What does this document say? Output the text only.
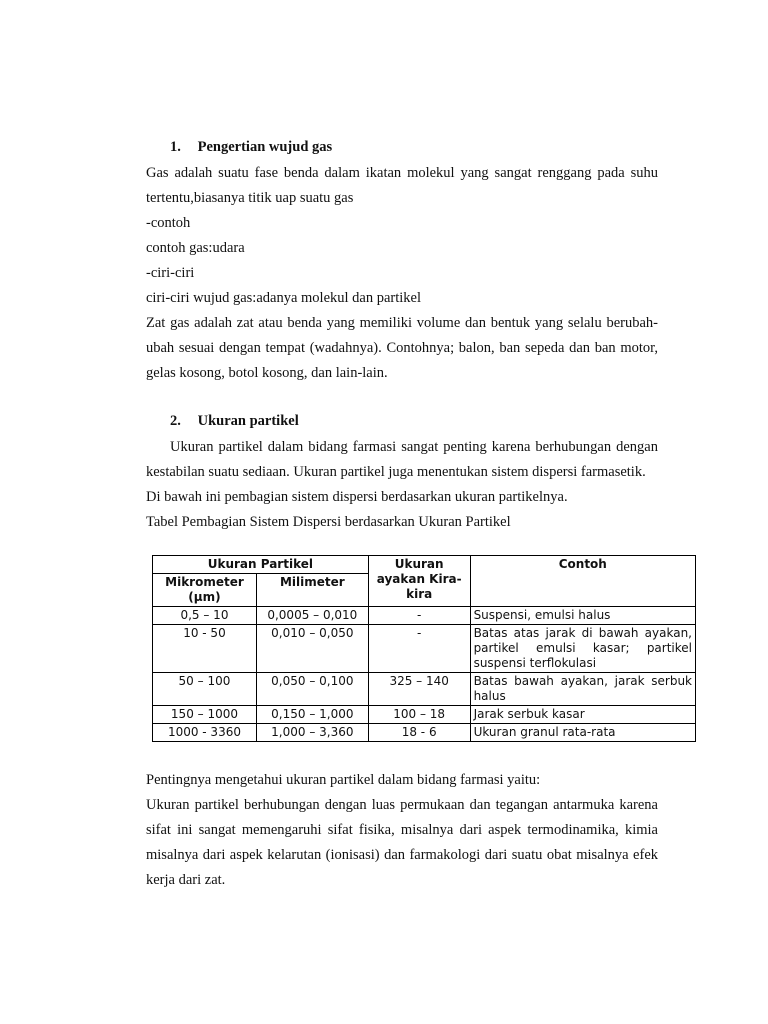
1. Pengertian wujud gas

Gas adalah suatu fase benda dalam ikatan molekul yang sangat renggang pada suhu tertentu,biasanya titik uap suatu gas

-contoh

contoh gas:udara

-ciri-ciri

ciri-ciri wujud gas:adanya molekul dan partikel

Zat gas adalah zat atau benda yang memiliki volume dan bentuk yang selalu berubah-ubah sesuai dengan tempat (wadahnya). Contohnya; balon, ban sepeda dan ban motor, gelas kosong, botol kosong, dan lain-lain.

2. Ukuran partikel

Ukuran partikel dalam bidang farmasi sangat penting karena berhubungan dengan kestabilan suatu sediaan. Ukuran partikel juga menentukan sistem dispersi farmasetik.

Di bawah ini pembagian sistem dispersi berdasarkan ukuran partikelnya.

Tabel Pembagian Sistem Dispersi berdasarkan Ukuran Partikel

Ukuran Partikel		Ukuran ayakan Kira-kira	Contoh
Mikrometer (µm)	Milimeter		
0,5 – 10	0,0005 – 0,010	-	Suspensi, emulsi halus
10 - 50	0,010 – 0,050	-	Batas atas jarak di bawah ayakan, partikel emulsi kasar; partikel suspensi terflokulasi
50 – 100	0,050 – 0,100	325 – 140	Batas bawah ayakan, jarak serbuk halus
150 – 1000	0,150 – 1,000	100 – 18	Jarak serbuk kasar
1000 - 3360	1,000 – 3,360	18 - 6	Ukuran granul rata-rata

Pentingnya mengetahui ukuran partikel dalam bidang farmasi yaitu:

Ukuran partikel berhubungan dengan luas permukaan dan tegangan antarmuka karena sifat ini sangat memengaruhi sifat fisika, misalnya dari aspek termodinamika, kimia misalnya dari aspek kelarutan (ionisasi) dan farmakologi dari suatu obat misalnya efek kerja dari zat.
